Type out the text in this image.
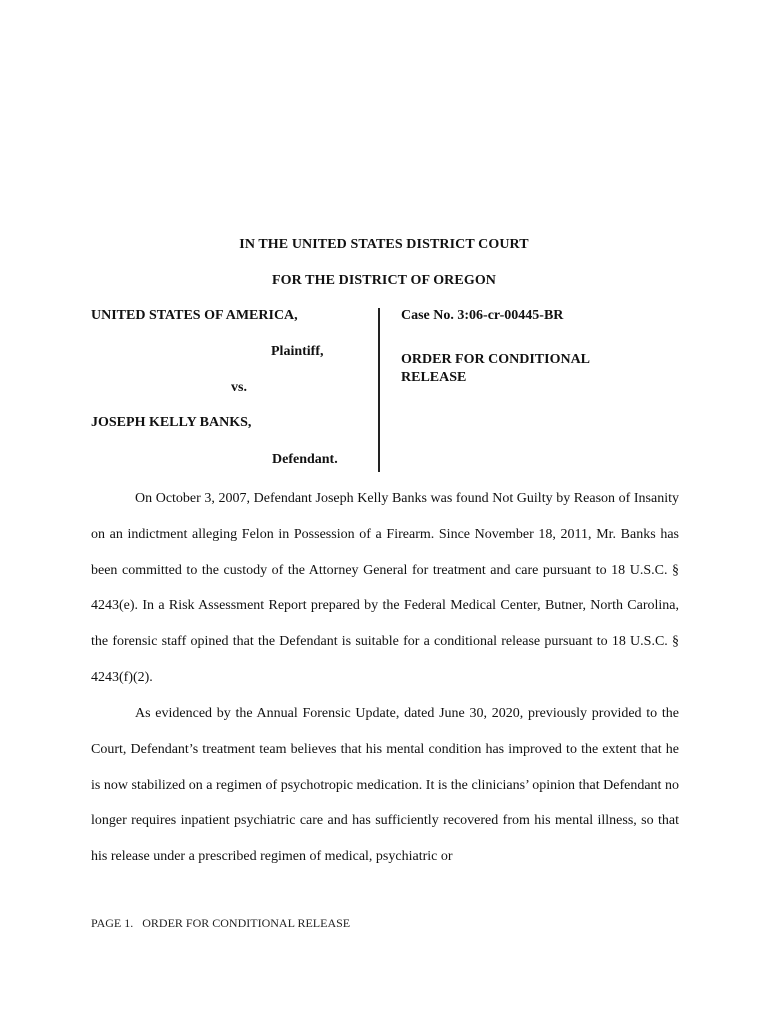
IN THE UNITED STATES DISTRICT COURT
FOR THE DISTRICT OF OREGON
UNITED STATES OF AMERICA,
Plaintiff,
vs.
JOSEPH KELLY BANKS,
Defendant.
Case No. 3:06-cr-00445-BR
ORDER FOR CONDITIONAL RELEASE

On October 3, 2007, Defendant Joseph Kelly Banks was found Not Guilty by Reason of Insanity on an indictment alleging Felon in Possession of a Firearm. Since November 18, 2011, Mr. Banks has been committed to the custody of the Attorney General for treatment and care pursuant to 18 U.S.C. § 4243(e). In a Risk Assessment Report prepared by the Federal Medical Center, Butner, North Carolina, the forensic staff opined that the Defendant is suitable for a conditional release pursuant to 18 U.S.C. § 4243(f)(2).

As evidenced by the Annual Forensic Update, dated June 30, 2020, previously provided to the Court, Defendant’s treatment team believes that his mental condition has improved to the extent that he is now stabilized on a regimen of psychotropic medication. It is the clinicians’ opinion that Defendant no longer requires inpatient psychiatric care and has sufficiently recovered from his mental illness, so that his release under a prescribed regimen of medical, psychiatric or

PAGE 1.   ORDER FOR CONDITIONAL RELEASE
